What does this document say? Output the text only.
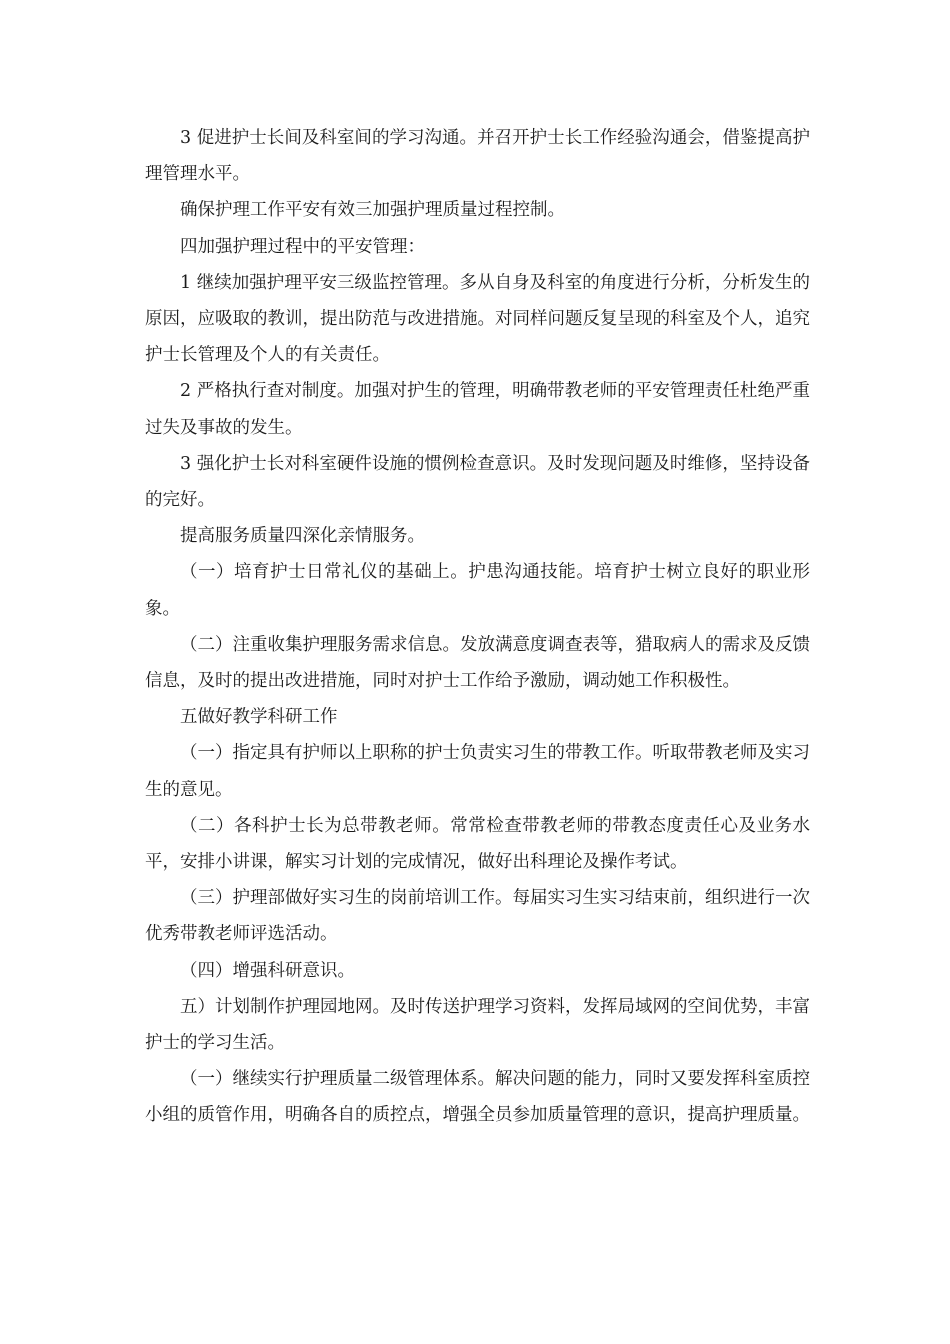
3 促进护士长间及科室间的学习沟通。并召开护士长工作经验沟通会，借鉴提高护理管理水平。

确保护理工作平安有效三加强护理质量过程控制。

四加强护理过程中的平安管理：

1 继续加强护理平安三级监控管理。多从自身及科室的角度进行分析，分析发生的原因，应吸取的教训，提出防范与改进措施。对同样问题反复呈现的科室及个人，追究护士长管理及个人的有关责任。

2 严格执行查对制度。加强对护生的管理，明确带教老师的平安管理责任杜绝严重过失及事故的发生。

3 强化护士长对科室硬件设施的惯例检查意识。及时发现问题及时维修，坚持设备的完好。

提高服务质量四深化亲情服务。

（一）培育护士日常礼仪的基础上。护患沟通技能。培育护士树立良好的职业形象。

（二）注重收集护理服务需求信息。发放满意度调查表等，猎取病人的需求及反馈信息，及时的提出改进措施，同时对护士工作给予激励，调动她工作积极性。

五做好教学科研工作

（一）指定具有护师以上职称的护士负责实习生的带教工作。听取带教老师及实习生的意见。

（二）各科护士长为总带教老师。常常检查带教老师的带教态度责任心及业务水平，安排小讲课，解实习计划的完成情况，做好出科理论及操作考试。

（三）护理部做好实习生的岗前培训工作。每届实习生实习结束前，组织进行一次优秀带教老师评选活动。

（四）增强科研意识。

五）计划制作护理园地网。及时传送护理学习资料，发挥局域网的空间优势，丰富护士的学习生活。

（一）继续实行护理质量二级管理体系。解决问题的能力，同时又要发挥科室质控小组的质管作用，明确各自的质控点，增强全员参加质量管理的意识，提高护理质量。
